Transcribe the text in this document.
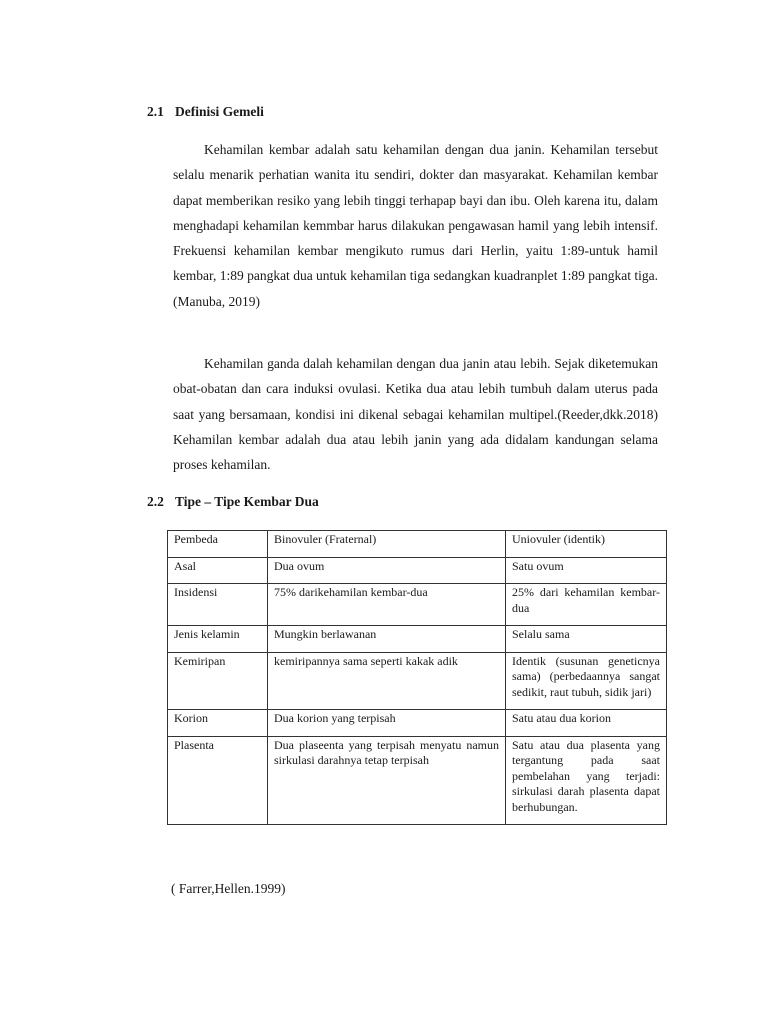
2.1 Definisi Gemeli

Kehamilan kembar adalah satu kehamilan dengan dua janin. Kehamilan tersebut selalu menarik perhatian wanita itu sendiri, dokter dan masyarakat. Kehamilan kembar dapat memberikan resiko yang lebih tinggi terhapap bayi dan ibu. Oleh karena itu, dalam menghadapi kehamilan kemmbar harus dilakukan pengawasan hamil yang lebih intensif. Frekuensi kehamilan kembar mengikuto rumus dari Herlin, yaitu 1:89-untuk hamil kembar, 1:89 pangkat dua untuk kehamilan tiga sedangkan kuadranplet 1:89 pangkat tiga. (Manuba, 2019)

Kehamilan ganda dalah kehamilan dengan dua janin atau lebih. Sejak diketemukan obat-obatan dan cara induksi ovulasi. Ketika dua atau lebih tumbuh dalam uterus pada saat yang bersamaan, kondisi ini dikenal sebagai kehamilan multipel.(Reeder,dkk.2018) Kehamilan kembar adalah dua atau lebih janin yang ada didalam kandungan selama proses kehamilan.

2.2 Tipe – Tipe Kembar Dua
Pembeda	Binovuler (Fraternal)	Uniovuler (identik)
Asal	Dua ovum	Satu ovum
Insidensi	75% darikehamilan kembar-dua	25% dari kehamilan kembar-dua
Jenis kelamin	Mungkin berlawanan	Selalu sama
Kemiripan	kemiripannya sama seperti kakak adik	Identik (susunan geneticnya sama) (perbedaannya sangat sedikit, raut tubuh, sidik jari)
Korion	Dua korion yang terpisah	Satu atau dua korion
Plasenta	Dua plaseenta yang terpisah menyatu namun sirkulasi darahnya tetap terpisah	Satu atau dua plasenta yang tergantung pada saat pembelahan yang terjadi: sirkulasi darah plasenta dapat berhubungan.

( Farrer,Hellen.1999)
